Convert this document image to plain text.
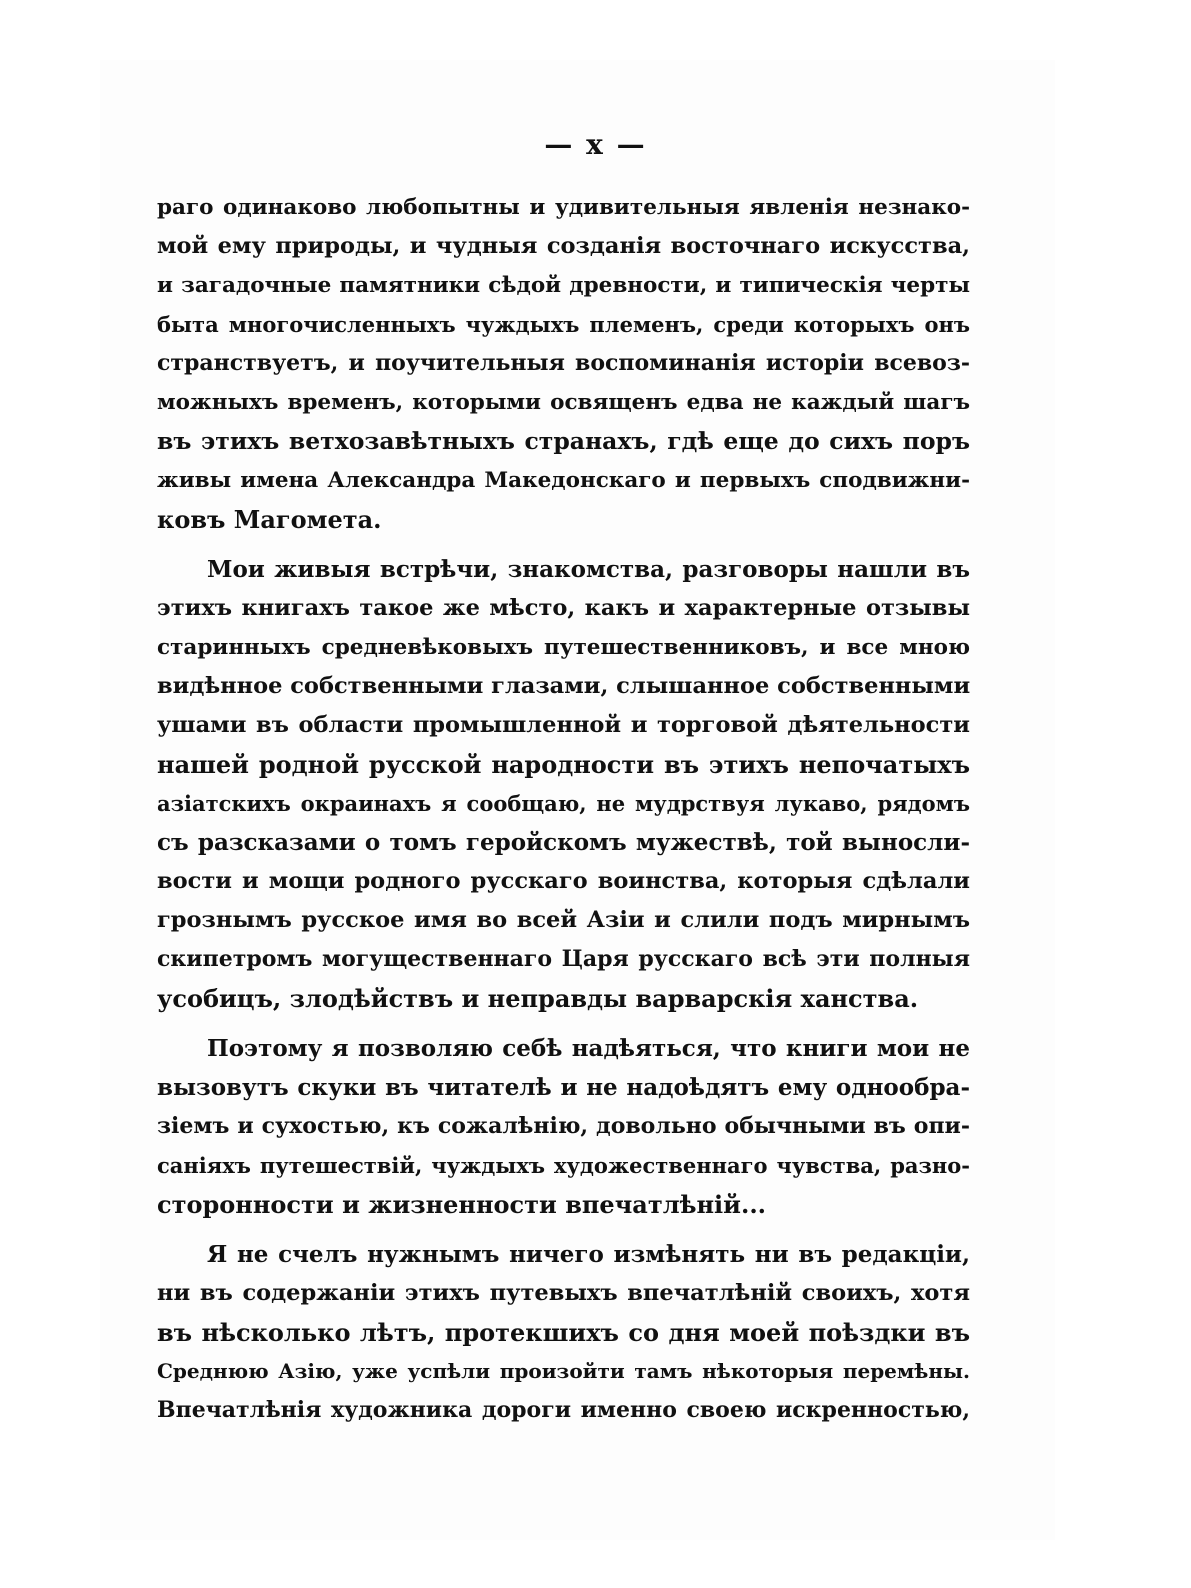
— x —
раго одинаково любопытны и удивительныя явленія незнако-
мой ему природы, и чудныя созданія восточнаго искусства,
и загадочные памятники сѣдой древности, и типическія черты
быта многочисленныхъ чуждыхъ племенъ, среди которыхъ онъ
странствуетъ, и поучительныя воспоминанія исторіи всевоз-
можныхъ временъ, которыми освященъ едва не каждый шагъ
въ этихъ ветхозавѣтныхъ странахъ, гдѣ еще до сихъ поръ
живы имена Александра Македонскаго и первыхъ сподвижни-
ковъ Магомета.
Мои живыя встрѣчи, знакомства, разговоры нашли въ
этихъ книгахъ такое же мѣсто, какъ и характерные отзывы
старинныхъ средневѣковыхъ путешественниковъ, и все мною
видѣнное собственными глазами, слышанное собственными
ушами въ области промышленной и торговой дѣятельности
нашей родной русской народности въ этихъ непочатыхъ
азіатскихъ окраинахъ я сообщаю, не мудрствуя лукаво, рядомъ
съ разсказами о томъ геройскомъ мужествѣ, той выносли-
вости и мощи родного русскаго воинства, которыя сдѣлали
грознымъ русское имя во всей Азіи и слили подъ мирнымъ
скипетромъ могущественнаго Царя русскаго всѣ эти полныя
усобицъ, злодѣйствъ и неправды варварскія ханства.
Поэтому я позволяю себѣ надѣяться, что книги мои не
вызовутъ скуки въ читателѣ и не надоѣдятъ ему однообра-
зіемъ и сухостью, къ сожалѣнію, довольно обычными въ опи-
саніяхъ путешествій, чуждыхъ художественнаго чувства, разно-
сторонности и жизненности впечатлѣній...
Я не счелъ нужнымъ ничего измѣнять ни въ редакціи,
ни въ содержаніи этихъ путевыхъ впечатлѣній своихъ, хотя
въ нѣсколько лѣтъ, протекшихъ со дня моей поѣздки въ
Среднюю Азію, уже успѣли произойти тамъ нѣкоторыя перемѣны.
Впечатлѣнія художника дороги именно своею искренностью,
